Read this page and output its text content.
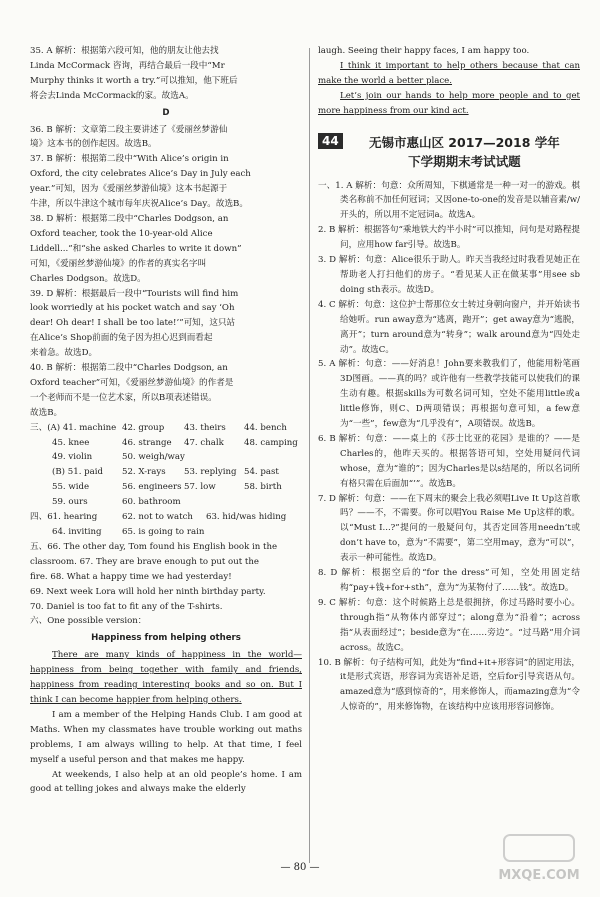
35. A 解析：根据第六段可知，他的朋友让他去找
Linda McCormack 咨询，再结合最后一段中“Mr
Murphy thinks it worth a try.”可以推知，他下班后
将会去Linda McCormack的家。故选A。
D
36. B 解析：文章第二段主要讲述了《爱丽丝梦游仙
境》这本书的创作起因。故选B。
37. B 解析：根据第二段中“With Alice’s origin in
Oxford, the city celebrates Alice’s Day in July each
year.”可知，因为《爱丽丝梦游仙境》这本书起源于
牛津，所以牛津这个城市每年庆祝Alice’s Day。故选B。
38. D 解析：根据第二段中“Charles Dodgson, an
Oxford teacher, took the 10-year-old Alice
Liddell...”和“she asked Charles to write it down”
可知，《爱丽丝梦游仙境》的作者的真实名字叫
Charles Dodgson。故选D。
39. D 解析：根据最后一段中“Tourists will find him
look worriedly at his pocket watch and say ‘Oh
dear! Oh dear! I shall be too late!’”可知，这只站
在Alice’s Shop前面的兔子因为担心迟到而看起
来着急。故选D。
40. B 解析：根据第二段中“Charles Dodgson, an
Oxford teacher”可知，《爱丽丝梦游仙境》的作者是
一个老师而不是一位艺术家，所以B项表述错误。
故选B。
三、(A) 41. machine 42. group	43. theirs	44. bench
45. knee	46. strange	47. chalk	48. camping
49. violin	50. weigh/way
(B) 51. paid	52. X-rays	53. replying 54. past
55. wide	56. engineers 57. low	58. birth
59. ours	60. bathroom
四、61. hearing	62. not to watch	63. hid/was hiding
64. inviting	65. is going to rain
五、66. The other day, Tom found his English book in the
classroom. 67. They are brave enough to put out the
fire. 68. What a happy time we had yesterday!
69. Next week Lora will hold her ninth birthday party.
70. Daniel is too fat to fit any of the T-shirts.
六、One possible version：
Happiness from helping others

There are many kinds of happiness in the world—happiness from being together with family and friends, happiness from reading interesting books and so on. But I think I can become happier from helping others.

I am a member of the Helping Hands Club. I am good at Maths. When my classmates have trouble working out maths problems, I am always willing to help. At that time, I feel myself a useful person and that makes me happy.

At weekends, I also help at an old people’s home. I am good at telling jokes and always make the elderly

laugh. Seeing their happy faces, I am happy too.

I think it important to help others because that can make the world a better place.

Let’s join our hands to help more people and to get more happiness from our kind act.

44	无锡市惠山区 2017—2018 学年
下学期期末考试试题
一、1. A 解析：句意：众所周知，下棋通常是一种一对一的游戏。棋类名称前不加任何冠词；又因one-to-one的发音是以辅音素/w/开头的，所以用不定冠词a。故选A。
2. B 解析：根据答句“乘地铁大约半小时”可以推知，问句是对路程提问，应用how far引导。故选B。
3. D 解析：句意：Alice很乐于助人。昨天当我经过时我看见她正在帮助老人打扫他们的房子。“看见某人正在做某事”用see sb doing sth表示。故选D。
4. C 解析：句意：这位护士帮那位女士转过身朝向窗户，并开始读书给她听。run away意为“逃离，跑开”；get away意为“逃脱，离开”；turn around意为“转身”；walk around意为“四处走动”。故选C。
5. A 解析：句意：——好消息！John要来教我们了，他能用粉笔画3D图画。——真的吗？或许他有一些教学技能可以使我们的课生动有趣。根据skills为可数名词可知，空处不能用little或a little修饰，则C、D两项错误；再根据句意可知，a few意为“一些”，few意为“几乎没有”，A项错误。故选B。
6. B 解析：句意：——桌上的《莎士比亚的花园》是谁的？——是Charles的，他昨天买的。根据答语可知，空处用疑问代词whose，意为“谁的”；因为Charles是以s结尾的，所以名词所有格只需在后面加“’”。故选B。
7. D 解析：句意：——在下周末的聚会上我必须唱Live It Up这首歌吗？——不，不需要。你可以唱You Raise Me Up这样的歌。以“Must I...?”提问的一般疑问句，其否定回答用needn’t或don’t have to，意为“不需要”，第二空用may，意为“可以”，表示一种可能性。故选D。
8. D 解析：根据空后的“for the dress”可知，空处用固定结构“pay+钱+for+sth”，意为“为某物付了……钱”。故选D。
9. C 解析：句意：这个时候路上总是很拥挤，你过马路时要小心。through指“从物体内部穿过”；along意为“沿着”；across指“从表面经过”；beside意为“在……旁边”。“过马路”用介词across。故选C。
10. B 解析：句子结构可知，此处为“find+it+形容词”的固定用法，it是形式宾语，形容词为宾语补足语，空后for引导宾语从句。amazed意为“感到惊奇的”，用来修饰人，而amazing意为“令人惊奇的”，用来修饰物，在该结构中应该用形容词修饰。
— 80 —
MXQE.COM
